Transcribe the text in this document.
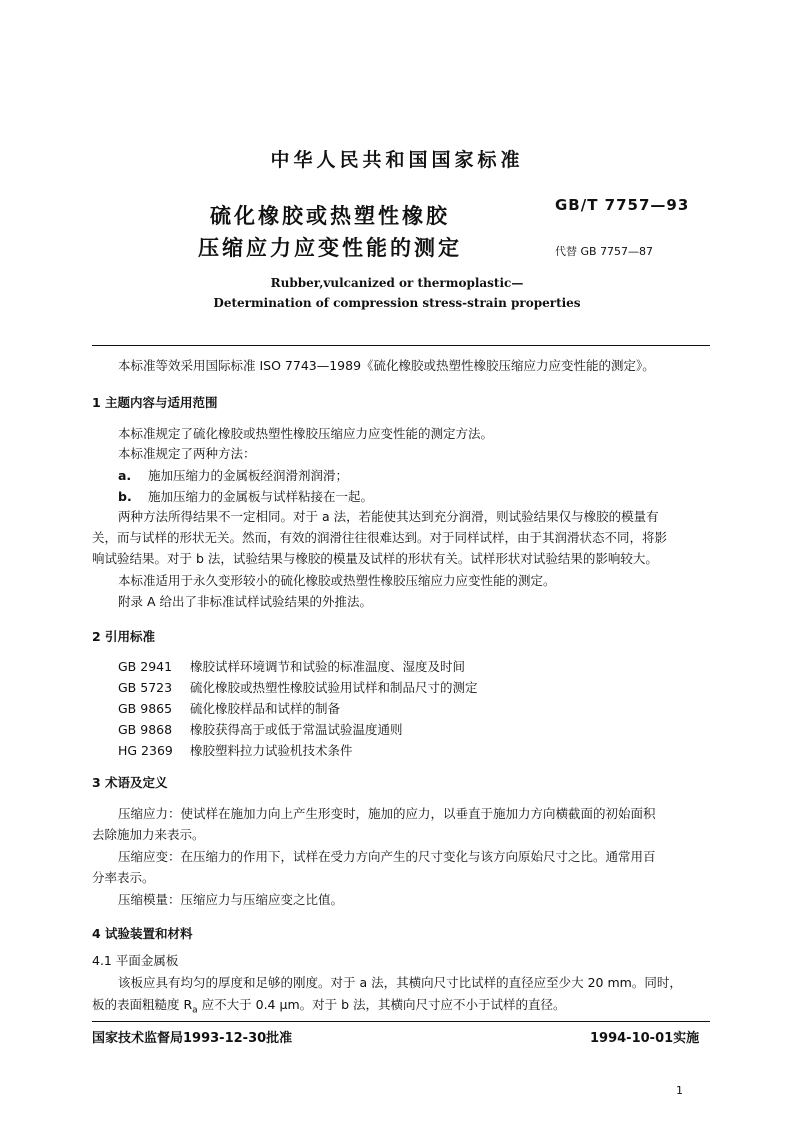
中华人民共和国国家标准
硫化橡胶或热塑性橡胶
压缩应力应变性能的测定
GB/T 7757—93
代替 GB 7757—87
Rubber,vulcanized or thermoplastic—
Determination of compression stress-strain properties
本标准等效采用国际标准 ISO 7743—1989《硫化橡胶或热塑性橡胶压缩应力应变性能的测定》。
1 主题内容与适用范围
本标准规定了硫化橡胶或热塑性橡胶压缩应力应变性能的测定方法。
本标准规定了两种方法：
a. 施加压缩力的金属板经润滑剂润滑；
b. 施加压缩力的金属板与试样粘接在一起。
两种方法所得结果不一定相同。对于 a 法，若能使其达到充分润滑，则试验结果仅与橡胶的模量有
关，而与试样的形状无关。然而，有效的润滑往往很难达到。对于同样试样，由于其润滑状态不同，将影
响试验结果。对于 b 法，试验结果与橡胶的模量及试样的形状有关。试样形状对试验结果的影响较大。
本标准适用于永久变形较小的硫化橡胶或热塑性橡胶压缩应力应变性能的测定。
附录 A 给出了非标准试样试验结果的外推法。
2 引用标准
GB 2941 橡胶试样环境调节和试验的标准温度、湿度及时间
GB 5723 硫化橡胶或热塑性橡胶试验用试样和制品尺寸的测定
GB 9865 硫化橡胶样品和试样的制备
GB 9868 橡胶获得高于或低于常温试验温度通则
HG 2369 橡胶塑料拉力试验机技术条件
3 术语及定义
压缩应力：使试样在施加力向上产生形变时，施加的应力，以垂直于施加力方向横截面的初始面积
去除施加力来表示。
压缩应变：在压缩力的作用下，试样在受力方向产生的尺寸变化与该方向原始尺寸之比。通常用百
分率表示。
压缩模量：压缩应力与压缩应变之比值。
4 试验装置和材料
4.1 平面金属板
该板应具有均匀的厚度和足够的刚度。对于 a 法，其横向尺寸比试样的直径应至少大 20 mm。同时，
板的表面粗糙度 $R_a$ 应不大于 0.4 μm。对于 b 法，其横向尺寸应不小于试样的直径。
国家技术监督局1993-12-30批准	1994-10-01实施
1
